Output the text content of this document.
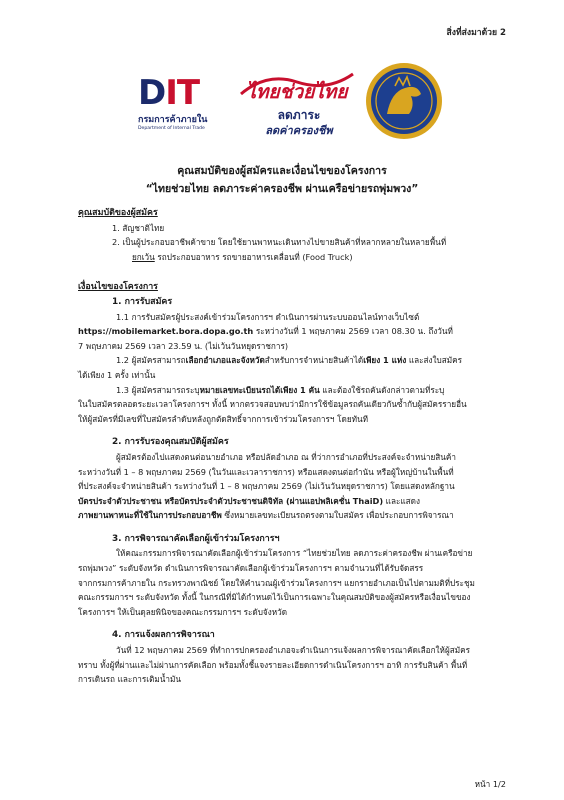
สิ่งที่ส่งมาด้วย 2
DIT
กรมการค้าภายใน
Department of Internal Trade
ไทยช่วยไทย
ลดภาระ
ลดค่าครองชีพ
คุณสมบัติของผู้สมัครและเงื่อนไขของโครงการ
“ไทยช่วยไทย ลดภาระค่าครองชีพ ผ่านเครือข่ายรถพุ่มพวง”
คุณสมบัติของผู้สมัคร
1. สัญชาติไทย
2. เป็นผู้ประกอบอาชีพค้าขาย โดยใช้ยานพาหนะเดินทางไปขายสินค้าที่หลากหลายในหลายพื้นที่
ยกเว้น รถประกอบอาหาร รถขายอาหารเคลื่อนที่ (Food Truck)
เงื่อนไขของโครงการ
1. การรับสมัคร
1.1 การรับสมัครผู้ประสงค์เข้าร่วมโครงการฯ ดำเนินการผ่านระบบออนไลน์ทางเว็บไซต์
https://mobilemarket.bora.dopa.go.th ระหว่างวันที่ 1 พฤษภาคม 2569 เวลา 08.30 น. ถึงวันที่
7 พฤษภาคม 2569 เวลา 23.59 น. (ไม่เว้นวันหยุดราชการ)
1.2 ผู้สมัครสามารถเลือกอำเภอและจังหวัดสำหรับการจำหน่ายสินค้าได้เพียง 1 แห่ง และส่งใบสมัคร
ได้เพียง 1 ครั้ง เท่านั้น
1.3 ผู้สมัครสามารถระบุหมายเลขทะเบียนรถได้เพียง 1 คัน และต้องใช้รถคันดังกล่าวตามที่ระบุ
ในใบสมัครตลอดระยะเวลาโครงการฯ ทั้งนี้ หากตรวจสอบพบว่ามีการใช้ข้อมูลรถคันเดียวกันซ้ำกับผู้สมัครรายอื่น
ให้ผู้สมัครที่มีเลขที่ใบสมัครลำดับหลังถูกตัดสิทธิ์จากการเข้าร่วมโครงการฯ โดยทันที
2. การรับรองคุณสมบัติผู้สมัคร
ผู้สมัครต้องไปแสดงตนต่อนายอำเภอ หรือปลัดอำเภอ ณ ที่ว่าการอำเภอที่ประสงค์จะจำหน่ายสินค้า
ระหว่างวันที่ 1 – 8 พฤษภาคม 2569 (ในวันและเวลาราชการ) หรือแสดงตนต่อกำนัน หรือผู้ใหญ่บ้านในพื้นที่
ที่ประสงค์จะจำหน่ายสินค้า ระหว่างวันที่ 1 – 8 พฤษภาคม 2569 (ไม่เว้นวันหยุดราชการ) โดยแสดงหลักฐาน
บัตรประจำตัวประชาชน หรือบัตรประจำตัวประชาชนดิจิทัล (ผ่านแอปพลิเคชั่น ThaiD) และแสดง
ภาพยานพาหนะที่ใช้ในการประกอบอาชีพ ซึ่งหมายเลขทะเบียนรถตรงตามใบสมัคร เพื่อประกอบการพิจารณา
3. การพิจารณาคัดเลือกผู้เข้าร่วมโครงการฯ
ให้คณะกรรมการพิจารณาคัดเลือกผู้เข้าร่วมโครงการ “ไทยช่วยไทย ลดภาระค่าครองชีพ ผ่านเครือข่าย
รถพุ่มพวง” ระดับจังหวัด ดำเนินการพิจารณาคัดเลือกผู้เข้าร่วมโครงการฯ ตามจำนวนที่ได้รับจัดสรร
จากกรมการค้าภายใน กระทรวงพาณิชย์ โดยให้คำนวณผู้เข้าร่วมโครงการฯ แยกรายอำเภอเป็นไปตามมติที่ประชุม
คณะกรรมการฯ ระดับจังหวัด ทั้งนี้ ในกรณีที่มิได้กำหนดไว้เป็นการเฉพาะในคุณสมบัติของผู้สมัครหรือเงื่อนไขของ
โครงการฯ ให้เป็นดุลยพินิจของคณะกรรมการฯ ระดับจังหวัด
4. การแจ้งผลการพิจารณา
วันที่ 12 พฤษภาคม 2569 ที่ทำการปกครองอำเภอจะดำเนินการแจ้งผลการพิจารณาคัดเลือกให้ผู้สมัคร
ทราบ ทั้งผู้ที่ผ่านและไม่ผ่านการคัดเลือก พร้อมทั้งชี้แจงรายละเอียดการดำเนินโครงการฯ อาทิ การรับสินค้า พื้นที่
การเดินรถ และการเติมน้ำมัน
หน้า 1/2
